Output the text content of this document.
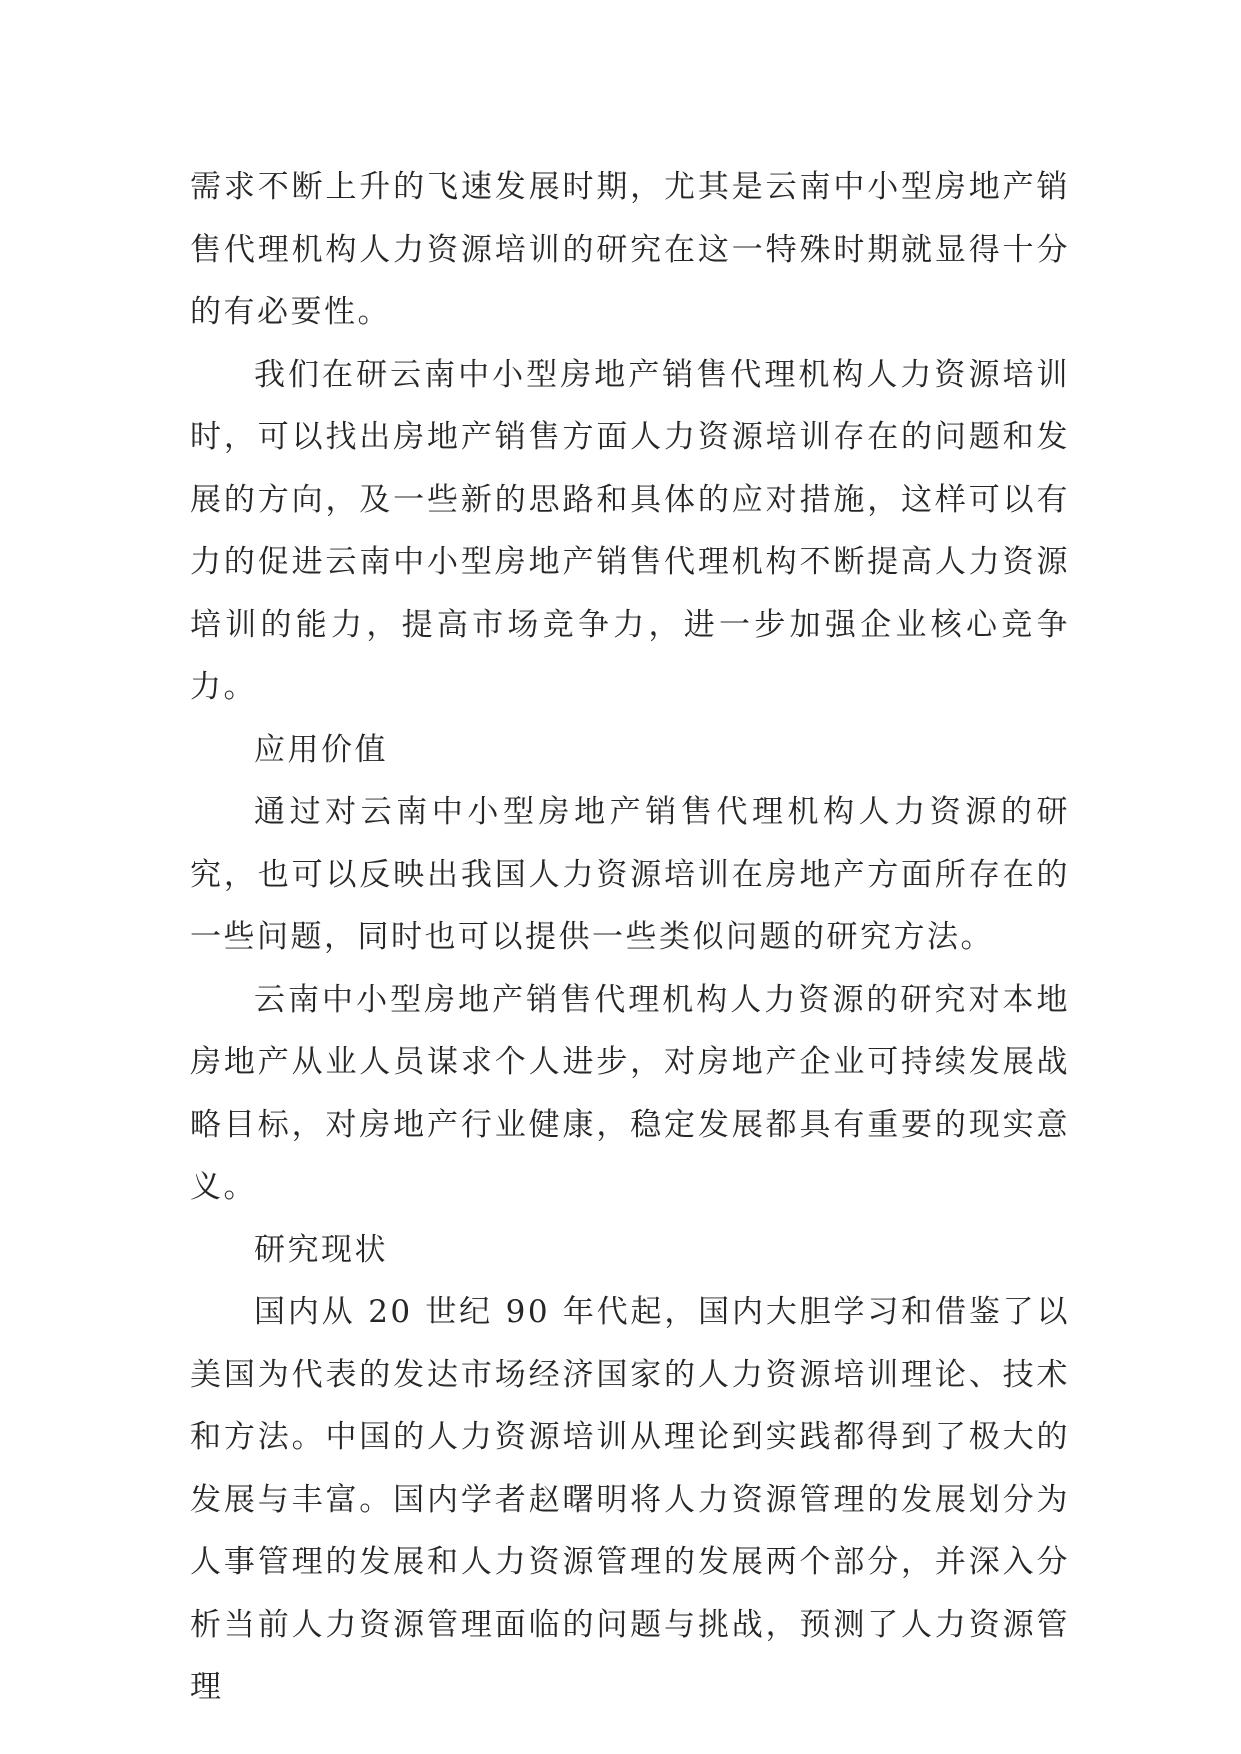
需求不断上升的飞速发展时期，尤其是云南中小型房地产销售代理机构人力资源培训的研究在这一特殊时期就显得十分的有必要性。

我们在研云南中小型房地产销售代理机构人力资源培训时，可以找出房地产销售方面人力资源培训存在的问题和发展的方向，及一些新的思路和具体的应对措施，这样可以有力的促进云南中小型房地产销售代理机构不断提高人力资源培训的能力，提高市场竞争力，进一步加强企业核心竞争力。

应用价值

通过对云南中小型房地产销售代理机构人力资源的研究，也可以反映出我国人力资源培训在房地产方面所存在的一些问题，同时也可以提供一些类似问题的研究方法。

云南中小型房地产销售代理机构人力资源的研究对本地房地产从业人员谋求个人进步，对房地产企业可持续发展战略目标，对房地产行业健康，稳定发展都具有重要的现实意义。

研究现状

国内从 20 世纪 90 年代起，国内大胆学习和借鉴了以美国为代表的发达市场经济国家的人力资源培训理论、技术和方法。中国的人力资源培训从理论到实践都得到了极大的发展与丰富。国内学者赵曙明将人力资源管理的发展划分为人事管理的发展和人力资源管理的发展两个部分，并深入分析当前人力资源管理面临的问题与挑战，预测了人力资源管理
